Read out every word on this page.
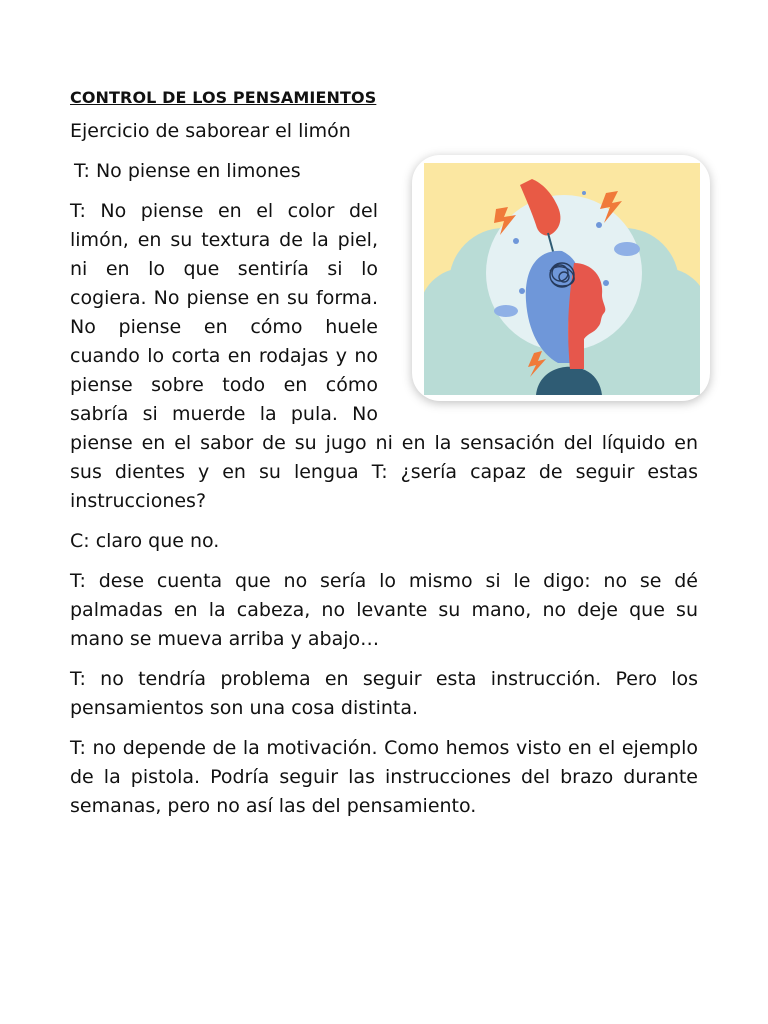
CONTROL DE LOS PENSAMIENTOS

Ejercicio de saborear el limón

T: No piense en limones

T: No piense en el color del limón, en su textura de la piel, ni en lo que sentiría si lo cogiera. No piense en su forma. No piense en cómo huele cuando lo corta en rodajas y no piense sobre todo en cómo sabría si muerde la pula. No piense en el sabor de su jugo ni en la sensación del líquido en sus dientes y en su lengua T: ¿sería capaz de seguir estas instrucciones?

C: claro que no.

T: dese cuenta que no sería lo mismo si le digo: no se dé palmadas en la cabeza, no levante su mano, no deje que su mano se mueva arriba y abajo…

T: no tendría problema en seguir esta instrucción. Pero los pensamientos son una cosa distinta.

T: no depende de la motivación. Como hemos visto en el ejemplo de la pistola. Podría seguir las instrucciones del brazo durante semanas, pero no así las del pensamiento.
